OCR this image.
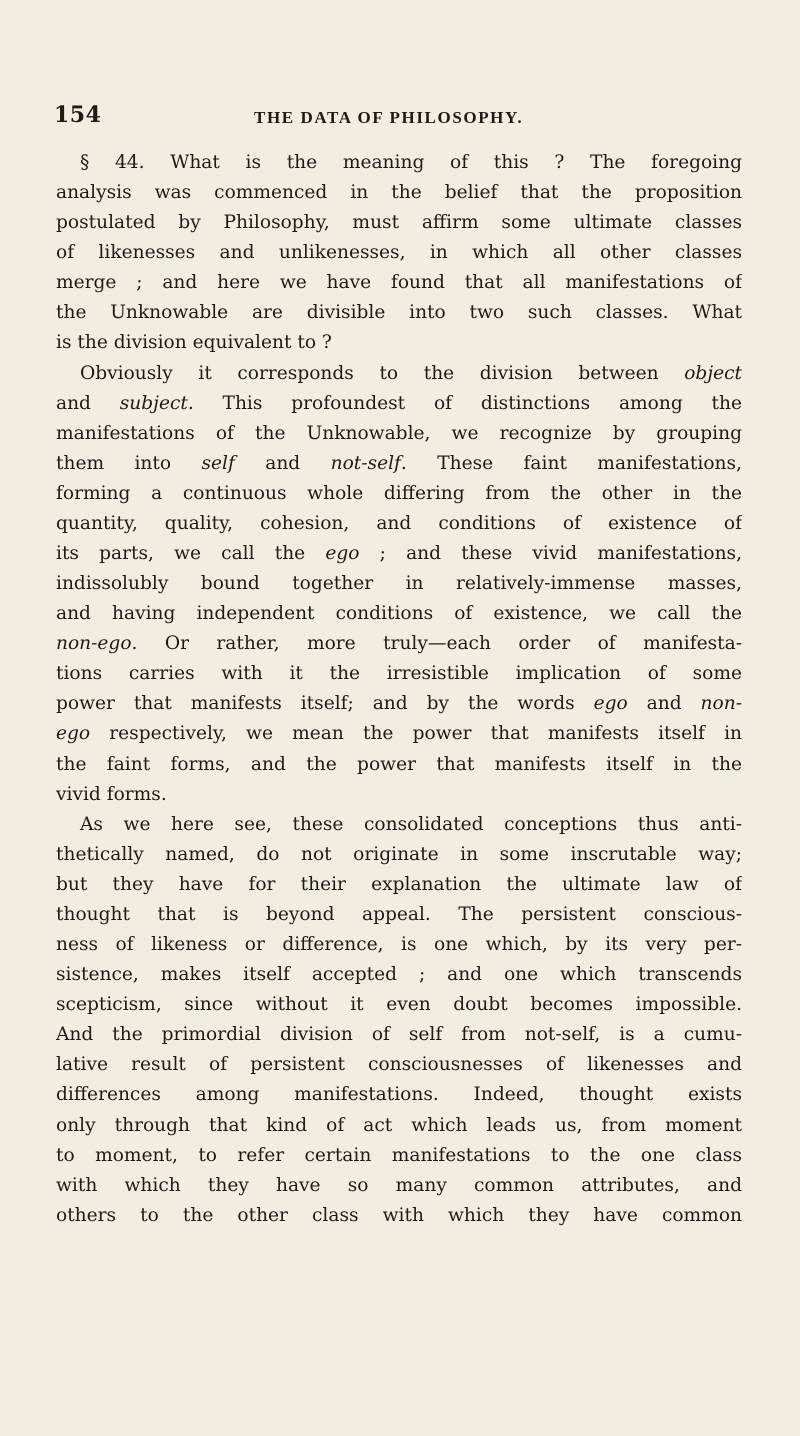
154	THE DATA OF PHILOSOPHY.
§ 44. What is the meaning of this ? The foregoing
analysis was commenced in the belief that the proposition
postulated by Philosophy, must affirm some ultimate classes
of likenesses and unlikenesses, in which all other classes
merge ; and here we have found that all manifestations of
the Unknowable are divisible into two such classes. What
is the division equivalent to ?
Obviously it corresponds to the division between object
and subject. This profoundest of distinctions among the
manifestations of the Unknowable, we recognize by grouping
them into self and not-self. These faint manifestations,
forming a continuous whole differing from the other in the
quantity, quality, cohesion, and conditions of existence of
its parts, we call the ego ; and these vivid manifestations,
indissolubly bound together in relatively-immense masses,
and having independent conditions of existence, we call the
non-ego. Or rather, more truly—each order of manifesta-
tions carries with it the irresistible implication of some
power that manifests itself; and by the words ego and non-
ego respectively, we mean the power that manifests itself in
the faint forms, and the power that manifests itself in the
vivid forms.
As we here see, these consolidated conceptions thus anti-
thetically named, do not originate in some inscrutable way;
but they have for their explanation the ultimate law of
thought that is beyond appeal. The persistent conscious-
ness of likeness or difference, is one which, by its very per-
sistence, makes itself accepted ; and one which transcends
scepticism, since without it even doubt becomes impossible.
And the primordial division of self from not-self, is a cumu-
lative result of persistent consciousnesses of likenesses and
differences among manifestations. Indeed, thought exists
only through that kind of act which leads us, from moment
to moment, to refer certain manifestations to the one class
with which they have so many common attributes, and
others to the other class with which they have common
